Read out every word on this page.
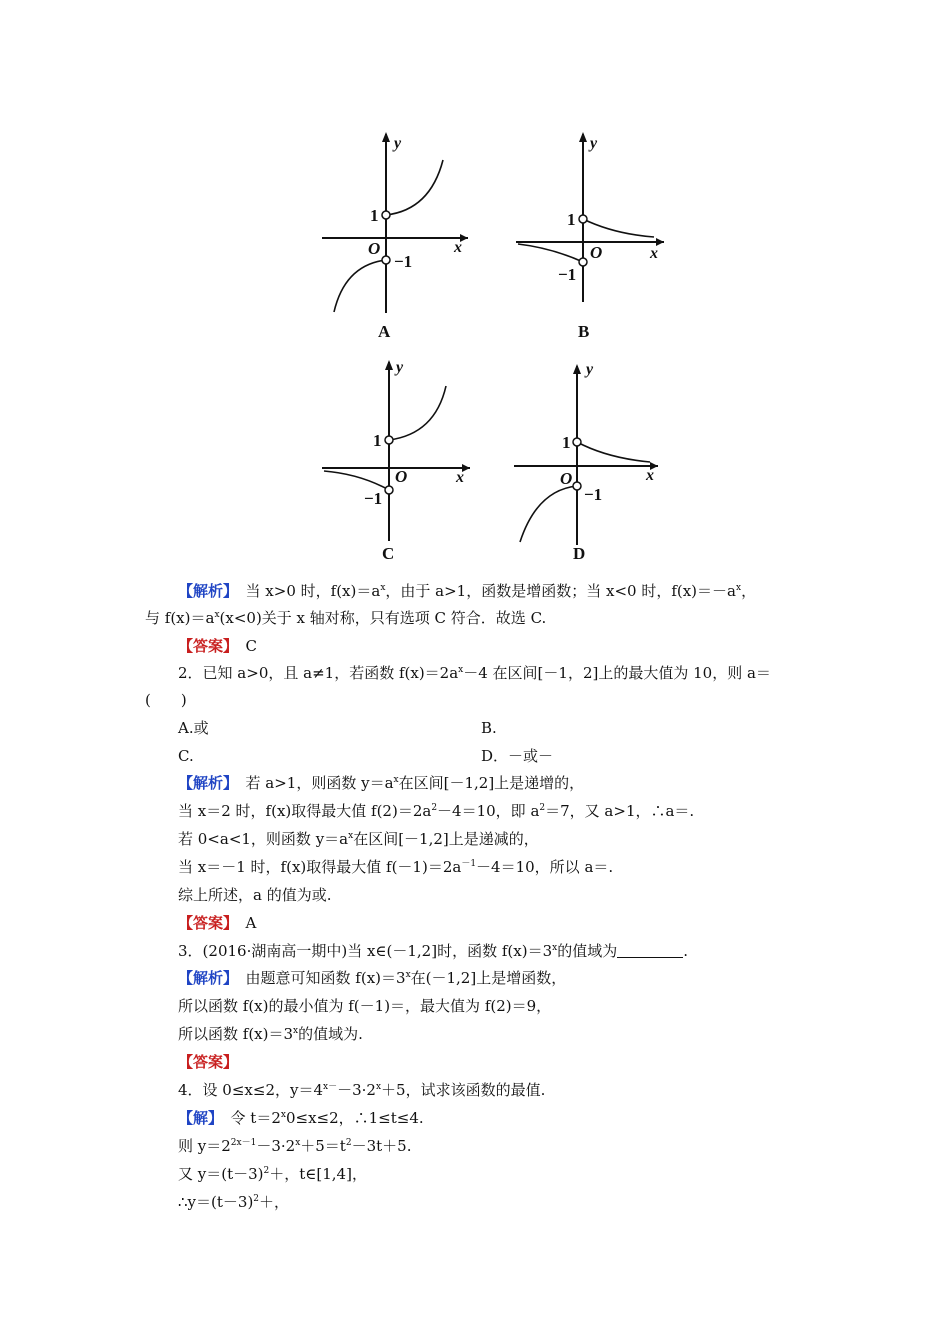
y
x
O
1
−1
A
y
x
O
1
−1
B
y
x
O
1
−1
C
y
x
O
1
−1
D
【解析】　 当 x>0 时，$f(x)=a^x$，由于 a>1，函数是增函数；当 x<0 时，$f(x)=-a^x$，
与 $f(x)=a^x(x<0)$关于 x 轴对称，只有选项 C 符合．故选 C.
【答案】　 C
2．已知 a>0，且 a≠1，若函数 $f(x)=2a^x-4$ 在区间[－1，2]上的最大值为 10，则 a＝
(　　)
A.或	B.
C.	D．－或－
【解析】　 若 a>1，则函数 $y=a^x$在区间[－1,2]上是递增的，
当 x＝2 时，f(x)取得最大值 $f(2)=2a^2-4=10$，即 $a^2=7$，又 a>1，∴a＝.
若 0<a<1，则函数 $y=a^x$在区间[－1,2]上是递减的，
当 x＝－1 时，f(x)取得最大值 $f(-1)=2a^{-1}-4=10$，所以 a＝.
综上所述，a 的值为或.
【答案】　 A
3．(2016·湖南高一期中)当 x∈(－1,2]时，函数 $f(x)=3^x$的值域为	.
【解析】　 由题意可知函数 $f(x)=3^x$在(－1,2]上是增函数，
所以函数 f(x)的最小值为 f(－1)＝，最大值为 f(2)＝9，
所以函数 $f(x)=3^x$的值域为.
【答案】
4．设 0≤x≤2，$y=4^{x-}-3\cdot 2^x+5$，试求该函数的最值.
【解】　 令 $t=2^x0\le x\le 2$，∴1≤t≤4.
则 $y=2^{2x-1}-3\cdot 2^x+5=t^2-3t+5$.
又 $y=(t-3)^2+$，t∈[1,4]，
$\therefore y=(t-3)^2+$，
